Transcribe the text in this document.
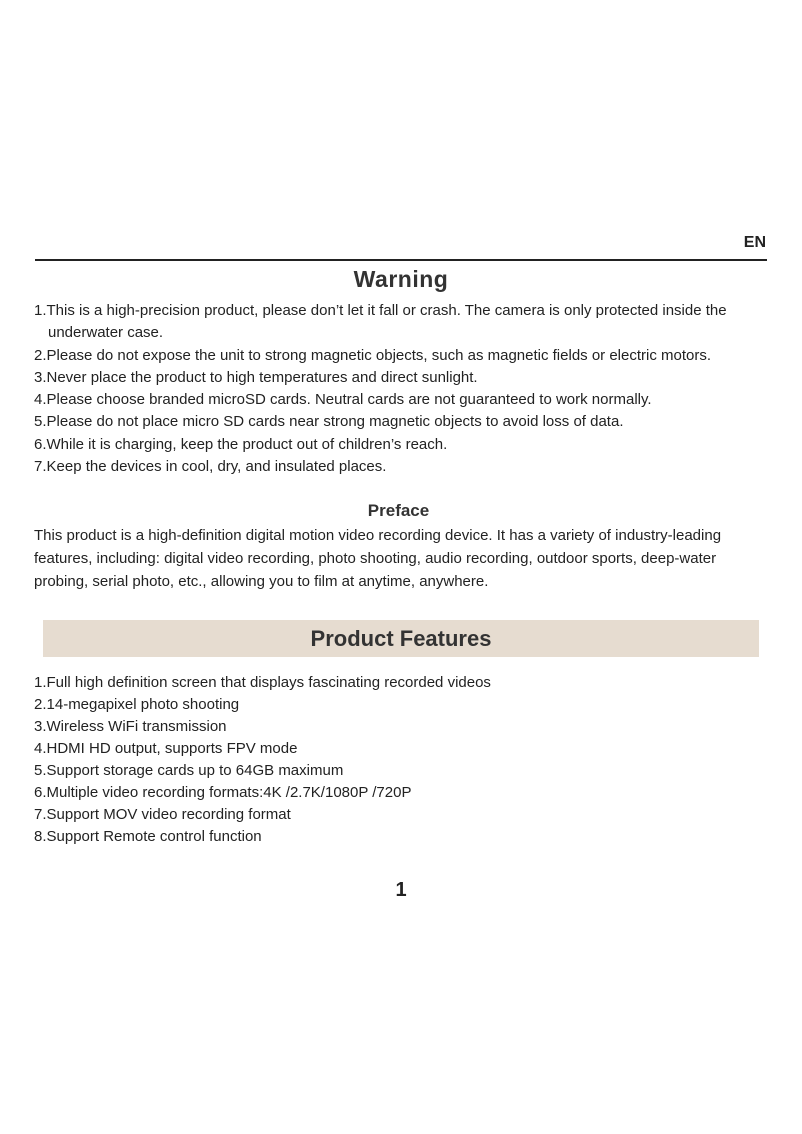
EN
Warning
1.This is a high-precision product, please don’t let it fall or crash. The camera is only protected inside the underwater case.
2.Please do not expose the unit to strong magnetic objects, such as magnetic fields or electric motors.
3.Never place the product to high temperatures and direct sunlight.
4.Please choose branded microSD cards. Neutral cards are not guaranteed to work normally.
5.Please do not place micro SD cards near strong magnetic objects to avoid loss of data.
6.While it is charging, keep the product out of children’s reach.
7.Keep the devices in cool, dry, and insulated places.
Preface

This product is a high-definition digital motion video recording device. It has a variety of industry-leading features, including: digital video recording, photo shooting, audio recording, outdoor sports, deep-water probing, serial photo, etc., allowing you to film at anytime, anywhere.

Product Features
1.Full high definition screen that displays fascinating recorded videos
2.14-megapixel photo shooting
3.Wireless WiFi transmission
4.HDMI HD output, supports FPV mode
5.Support storage cards up to 64GB maximum
6.Multiple video recording formats:4K /2.7K/1080P /720P
7.Support MOV video recording format
8.Support Remote control function
1
